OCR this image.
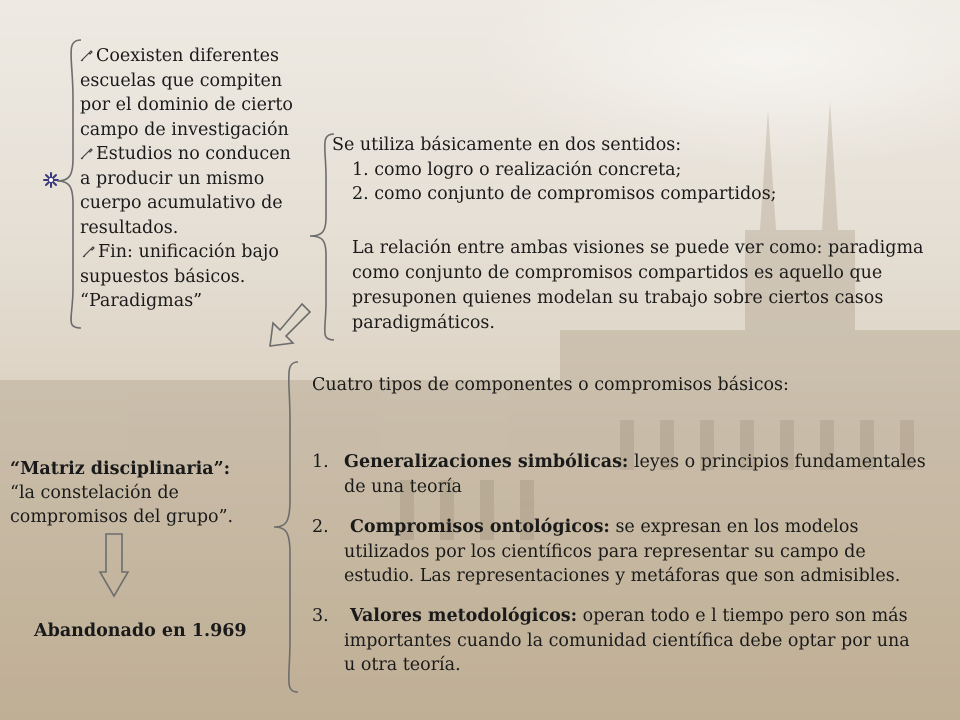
Coexisten diferentes
escuelas que compiten
por el dominio de cierto
campo de investigación
Estudios no conducen
a producir un mismo
cuerpo acumulativo de
resultados.
Fin: unificación bajo
supuestos básicos.
“Paradigmas”
Se utiliza básicamente en dos sentidos:
1. como logro o realización concreta;
2. como conjunto de compromisos compartidos;
La relación entre ambas visiones se puede ver como: paradigma
como conjunto de compromisos compartidos es aquello que
presuponen quienes modelan su trabajo sobre ciertos casos
paradigmáticos.
“Matriz disciplinaria”:
“la constelación de
compromisos del grupo”.
Abandonado en 1.969
Cuatro tipos de componentes o compromisos básicos:
1. Generalizaciones simbólicas: leyes o principios fundamentales
de una teoría
2. Compromisos ontológicos: se expresan en los modelos
utilizados por los científicos para representar su campo de
estudio. Las representaciones y metáforas que son admisibles.
3. Valores metodológicos: operan todo e l tiempo pero son más
importantes cuando la comunidad científica debe optar por una
u otra teoría.
